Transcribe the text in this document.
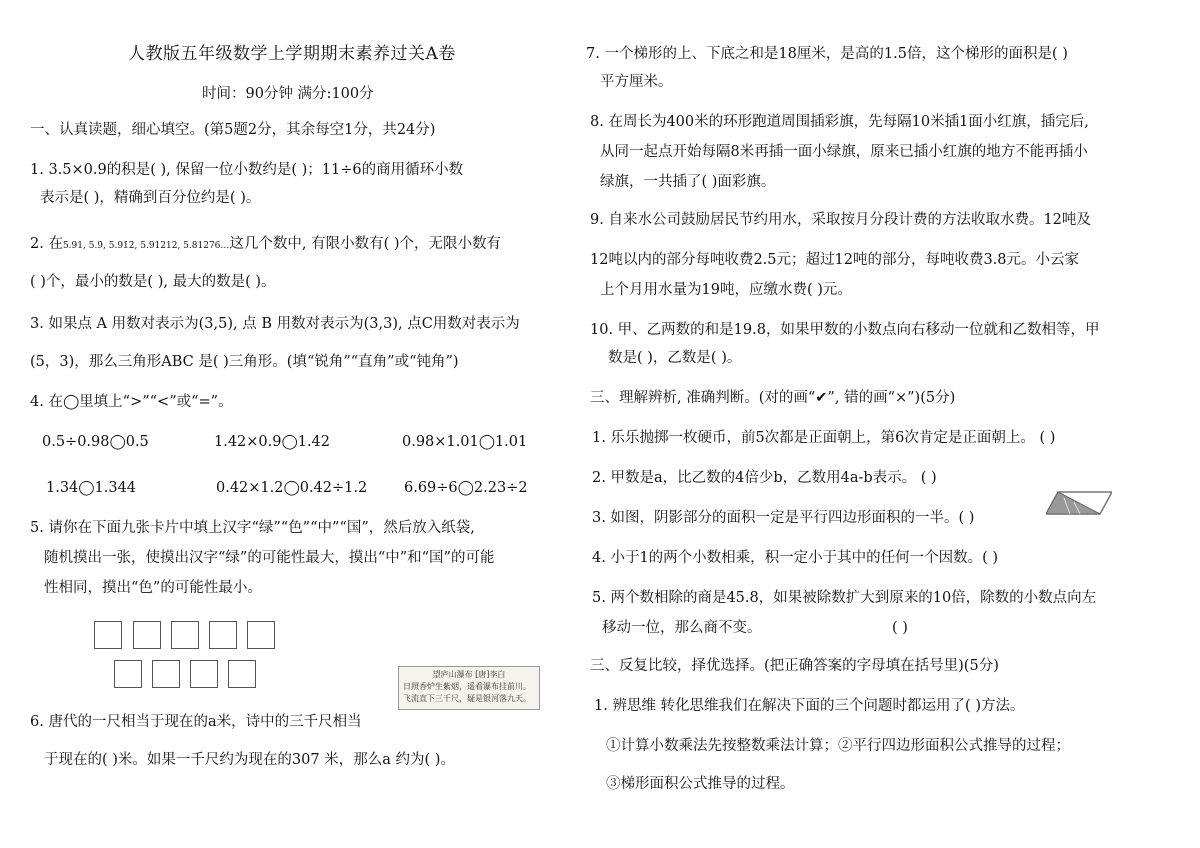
人教版五年级数学上学期期末素养过关A卷
时间：90分钟 满分:100分
一、认真读题，细心填空。(第5题2分，其余每空1分，共24分)
1. 3.5×0.9的积是( ), 保留一位小数约是( )；11÷6的商用循环小数
表示是( )，精确到百分位约是( )。
2. 在5.91, 5.9̇, 5.91̇2̇, 5.91212, 5.81276…这几个数中, 有限小数有( )个，无限小数有
( )个，最小的数是( ), 最大的数是( )。
3. 如果点 A 用数对表示为(3,5), 点 B 用数对表示为(3,3), 点C用数对表示为
(5，3)，那么三角形ABC 是( )三角形。(填“锐角”“直角”或“钝角”)
4. 在◯里填上“>”“<”或“=”。
0.5÷0.98◯0.5	1.42×0.9◯1.42	0.98×1.01◯1.01
1.34̇◯1.344	0.42×1.2◯0.42÷1.2	6.69÷6◯2.23÷2
5. 请你在下面九张卡片中填上汉字“绿”“色”“中”“国”，然后放入纸袋,
随机摸出一张，使摸出汉字“绿”的可能性最大，摸出“中”和“国”的可能
性相同，摸出“色”的可能性最小。
望庐山瀑布 [唐]李白
日照香炉生紫烟，遥看瀑布挂前川。
飞流直下三千尺，疑是银河落九天。
6. 唐代的一尺相当于现在的a米，诗中的三千尺相当
于现在的( )米。如果一千尺约为现在的307 米，那么a 约为( )。
7. 一个梯形的上、下底之和是18厘米，是高的1.5倍，这个梯形的面积是( )
平方厘米。
8. 在周长为400米的环形跑道周围插彩旗，先每隔10米插1面小红旗，插完后,
从同一起点开始每隔8米再插一面小绿旗，原来已插小红旗的地方不能再插小
绿旗，一共插了( )面彩旗。
9. 自来水公司鼓励居民节约用水，采取按月分段计费的方法收取水费。12吨及
12吨以内的部分每吨收费2.5元；超过12吨的部分，每吨收费3.8元。小云家
上个月用水量为19吨，应缴水费( )元。
10. 甲、乙两数的和是19.8，如果甲数的小数点向右移动一位就和乙数相等，甲
数是( )，乙数是( )。
三、理解辨析, 准确判断。(对的画“✔”, 错的画“×”)(5分)
1. 乐乐抛掷一枚硬币，前5次都是正面朝上，第6次肯定是正面朝上。 ( )
2. 甲数是a，比乙数的4倍少b，乙数用4a-b表示。 ( )
3. 如图，阴影部分的面积一定是平行四边形面积的一半。( )
4. 小于1的两个小数相乘，积一定小于其中的任何一个因数。( )
5. 两个数相除的商是45.8，如果被除数扩大到原来的10倍，除数的小数点向左
移动一位，那么商不变。	( )
三、反复比较，择优选择。(把正确答案的字母填在括号里)(5分)
1. 辨思维 转化思维我们在解决下面的三个问题时都运用了( )方法。
①计算小数乘法先按整数乘法计算；②平行四边形面积公式推导的过程；
③梯形面积公式推导的过程。
